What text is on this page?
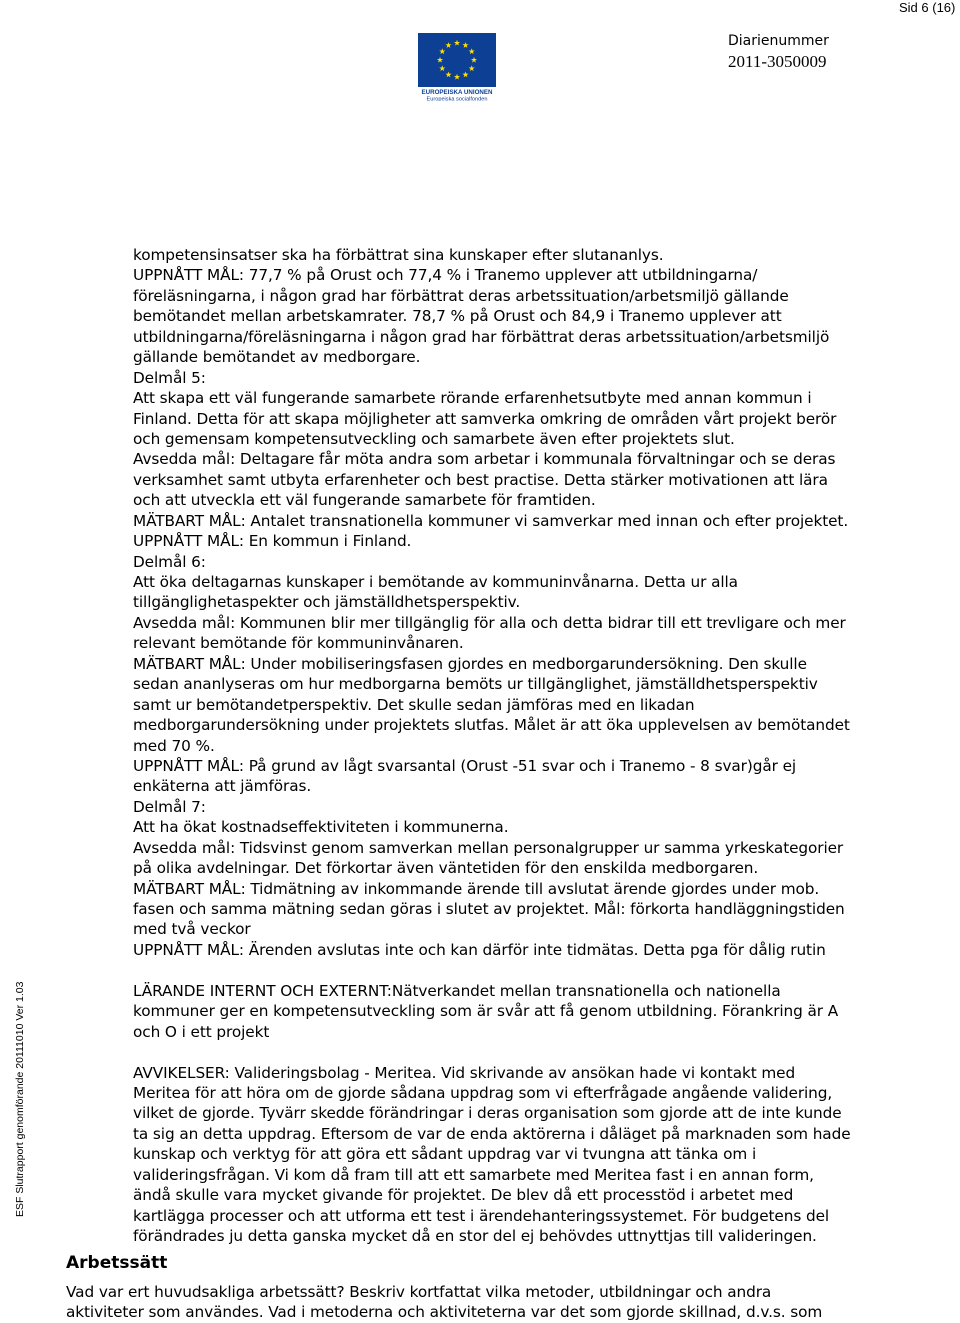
Sid 6 (16)
EUROPEISKA UNIONEN
Europeiska socialfonden
Diarienummer
2011-3050009
kompetensinsatser ska ha förbättrat sina kunskaper efter slutananlys.
UPPNÅTT MÅL: 77,7 % på Orust och 77,4 % i Tranemo upplever att utbildningarna/
föreläsningarna, i någon grad har förbättrat deras arbetssituation/arbetsmiljö gällande
bemötandet mellan arbetskamrater. 78,7 % på Orust och 84,9 i Tranemo upplever att
utbildningarna/föreläsningarna i någon grad har förbättrat deras arbetssituation/arbetsmiljö
gällande bemötandet av medborgare.
Delmål 5:
Att skapa ett väl fungerande samarbete rörande erfarenhetsutbyte med annan kommun i
Finland. Detta för att skapa möjligheter att samverka omkring de områden vårt projekt berör
och gemensam kompetensutveckling och samarbete även efter projektets slut.
Avsedda mål: Deltagare får möta andra som arbetar i kommunala förvaltningar och se deras
verksamhet samt utbyta erfarenheter och best practise. Detta stärker motivationen att lära
och att utveckla ett väl fungerande samarbete för framtiden.
MÄTBART MÅL: Antalet transnationella kommuner vi samverkar med innan och efter projektet.
UPPNÅTT MÅL: En kommun i Finland.
Delmål 6:
Att öka deltagarnas kunskaper i bemötande av kommuninvånarna. Detta ur alla
tillgänglighetaspekter och jämställdhetsperspektiv.
Avsedda mål: Kommunen blir mer tillgänglig för alla och detta bidrar till ett trevligare och mer
relevant bemötande för kommuninvånaren.
MÄTBART MÅL: Under mobiliseringsfasen gjordes en medborgarundersökning. Den skulle
sedan ananlyseras om hur medborgarna bemöts ur tillgänglighet, jämställdhetsperspektiv
samt ur bemötandetperspektiv. Det skulle sedan jämföras med en likadan
medborgarundersökning under projektets slutfas. Målet är att öka upplevelsen av bemötandet
med 70 %.
UPPNÅTT MÅL: På grund av lågt svarsantal (Orust -51 svar och i Tranemo - 8 svar)går ej
enkäterna att jämföras.
Delmål 7:
Att ha ökat kostnadseffektiviteten i kommunerna.
Avsedda mål: Tidsvinst genom samverkan mellan personalgrupper ur samma yrkeskategorier
på olika avdelningar. Det förkortar även väntetiden för den enskilda medborgaren.
MÄTBART MÅL: Tidmätning av inkommande ärende till avslutat ärende gjordes under mob.
fasen och samma mätning sedan göras i slutet av projektet. Mål: förkorta handläggningstiden
med två veckor
UPPNÅTT MÅL: Ärenden avslutas inte och kan därför inte tidmätas. Detta pga för dålig rutin
LÄRANDE INTERNT OCH EXTERNT:Nätverkandet mellan transnationella och nationella
kommuner ger en kompetensutveckling som är svår att få genom utbildning. Förankring är A
och O i ett projekt
AVVIKELSER: Valideringsbolag - Meritea. Vid skrivande av ansökan hade vi kontakt med
Meritea för att höra om de gjorde sådana uppdrag som vi efterfrågade angående validering,
vilket de gjorde. Tyvärr skedde förändringar i deras organisation som gjorde att de inte kunde
ta sig an detta uppdrag. Eftersom de var de enda aktörerna i dåläget på marknaden som hade
kunskap och verktyg för att göra ett sådant uppdrag var vi tvungna att tänka om i
valideringsfrågan. Vi kom då fram till att ett samarbete med Meritea fast i en annan form,
ändå skulle vara mycket givande för projektet. De blev då ett processtöd i arbetet med
kartlägga processer och att utforma ett test i ärendehanteringssystemet. För budgetens del
förändrades ju detta ganska mycket då en stor del ej behövdes uttnyttjas till valideringen.
Arbetssätt
Vad var ert huvudsakliga arbetssätt? Beskriv kortfattat vilka metoder, utbildningar och andra
aktiviteter som användes. Vad i metoderna och aktiviteterna var det som gjorde skillnad, d.v.s. som
ESF Slutrapport genomförande 20111010 Ver 1.03
